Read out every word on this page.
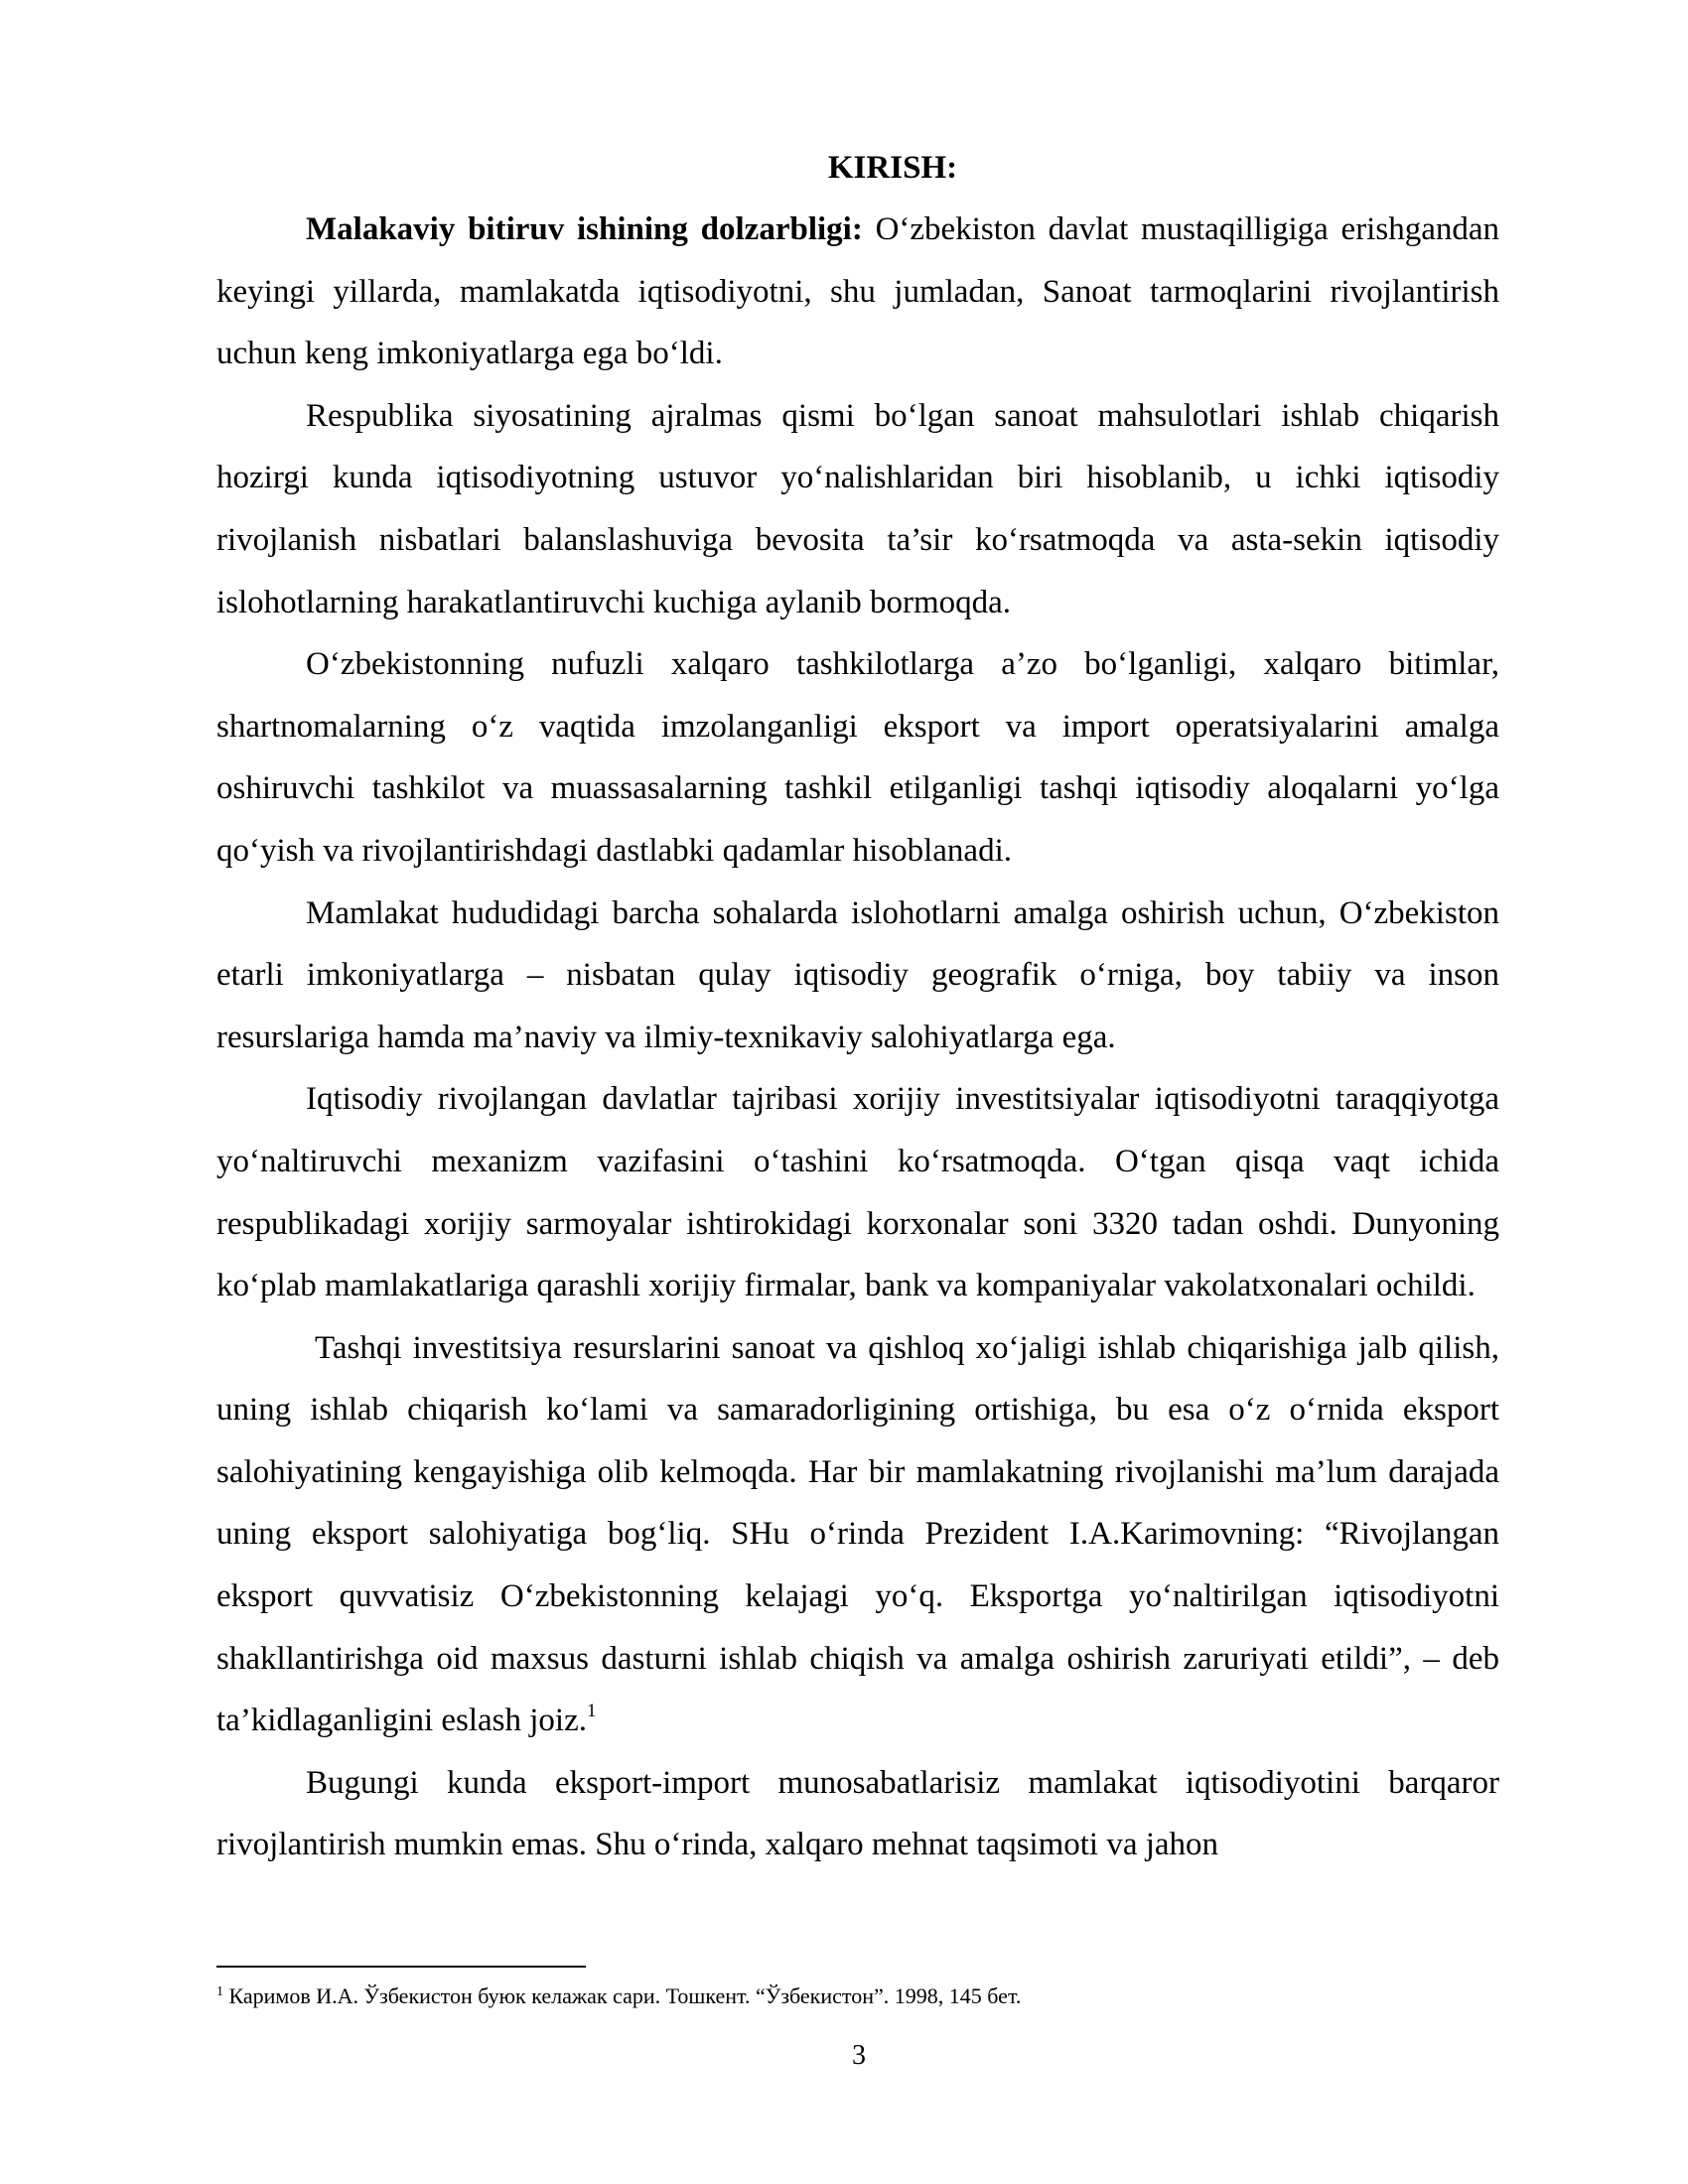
KIRISH:

Malakaviy bitiruv ishining dolzarbligi: O‘zbekiston davlat mustaqilligiga erishgandan keyingi yillarda, mamlakatda iqtisodiyotni, shu jumladan, Sanoat tarmoqlarini rivojlantirish uchun keng imkoniyatlarga ega bo‘ldi.

Respublika siyosatining ajralmas qismi bo‘lgan sanoat mahsulotlari ishlab chiqarish hozirgi kunda iqtisodiyotning ustuvor yo‘nalishlaridan biri hisoblanib, u ichki iqtisodiy rivojlanish nisbatlari balanslashuviga bevosita ta’sir ko‘rsatmoqda va asta-sekin iqtisodiy islohotlarning harakatlantiruvchi kuchiga aylanib bormoqda.

O‘zbekistonning nufuzli xalqaro tashkilotlarga a’zo bo‘lganligi, xalqaro bitimlar, shartnomalarning o‘z vaqtida imzolanganligi eksport va import operatsiyalarini amalga oshiruvchi tashkilot va muassasalarning tashkil etilganligi tashqi iqtisodiy aloqalarni yo‘lga qo‘yish va rivojlantirishdagi dastlabki qadamlar hisoblanadi.

Mamlakat hududidagi barcha sohalarda islohotlarni amalga oshirish uchun, O‘zbekiston etarli imkoniyatlarga – nisbatan qulay iqtisodiy geografik o‘rniga, boy tabiiy va inson resurslariga hamda ma’naviy va ilmiy-texnikaviy salohiyatlarga ega.

Iqtisodiy rivojlangan davlatlar tajribasi xorijiy investitsiyalar iqtisodiyotni taraqqiyotga yo‘naltiruvchi mexanizm vazifasini o‘tashini ko‘rsatmoqda. O‘tgan qisqa vaqt ichida respublikadagi xorijiy sarmoyalar ishtirokidagi korxonalar soni 3320 tadan oshdi. Dunyoning ko‘plab mamlakatlariga qarashli xorijiy firmalar, bank va kompaniyalar vakolatxonalari ochildi.

Tashqi investitsiya resurslarini sanoat va qishloq xo‘jaligi ishlab chiqarishiga jalb qilish, uning ishlab chiqarish ko‘lami va samaradorligining ortishiga, bu esa o‘z o‘rnida eksport salohiyatining kengayishiga olib kelmoqda. Har bir mamlakatning rivojlanishi ma’lum darajada uning eksport salohiyatiga bog‘liq. SHu o‘rinda Prezident I.A.Karimovning: “Rivojlangan eksport quvvatisiz O‘zbekistonning kelajagi yo‘q. Eksportga yo‘naltirilgan iqtisodiyotni shakllantirishga oid maxsus dasturni ishlab chiqish va amalga oshirish zaruriyati etildi”, – deb ta’kidlaganligini eslash joiz.$^1$

Bugungi kunda eksport-import munosabatlarisiz mamlakat iqtisodiyotini barqaror rivojlantirish mumkin emas. Shu o‘rinda, xalqaro mehnat taqsimoti va jahon

$^1$ Каримов И.А. Ўзбекистон буюк келажак сари. Тошкент. “Ўзбекистон”. 1998, 145 бет.

3
